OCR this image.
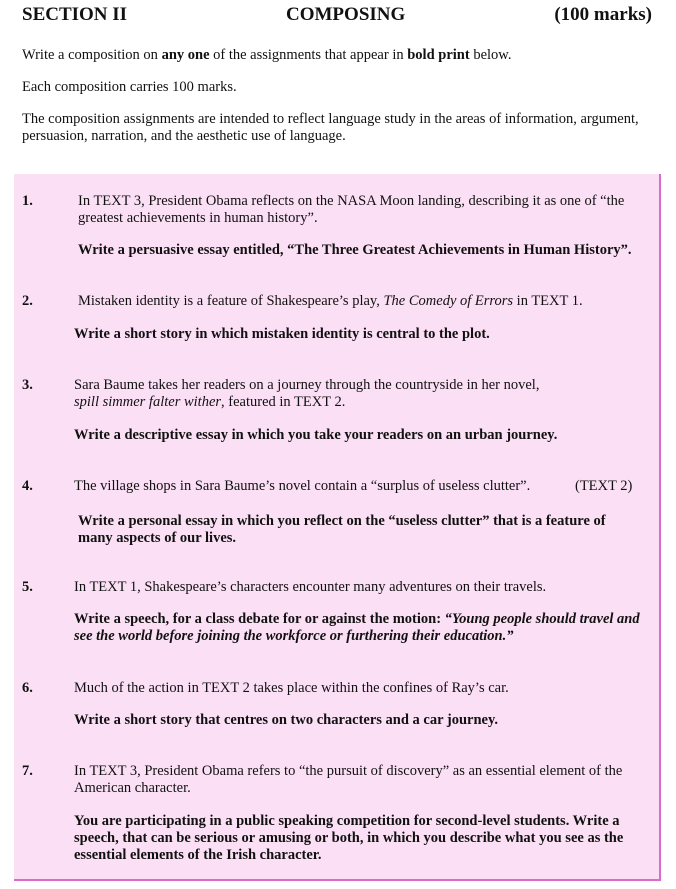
SECTION II	COMPOSING	(100 marks)
Write a composition on any one of the assignments that appear in bold print below.
Each composition carries 100 marks.
The composition assignments are intended to reflect language study in the areas of information, argument, persuasion, narration, and the aesthetic use of language.
1.	In TEXT 3, President Obama reflects on the NASA Moon landing, describing it as one of “the greatest achievements in human history”.
Write a persuasive essay entitled, “The Three Greatest Achievements in Human History”.
2.	Mistaken identity is a feature of Shakespeare’s play, The Comedy of Errors in TEXT 1.
Write a short story in which mistaken identity is central to the plot.
3.	Sara Baume takes her readers on a journey through the countryside in her novel,
spill simmer falter wither, featured in TEXT 2.
Write a descriptive essay in which you take your readers on an urban journey.
4.	The village shops in Sara Baume’s novel contain a “surplus of useless clutter”.	(TEXT 2)
Write a personal essay in which you reflect on the “useless clutter” that is a feature of many aspects of our lives.
5.	In TEXT 1, Shakespeare’s characters encounter many adventures on their travels.
Write a speech, for a class debate for or against the motion: “Young people should travel and see the world before joining the workforce or furthering their education.”
6.	Much of the action in TEXT 2 takes place within the confines of Ray’s car.
Write a short story that centres on two characters and a car journey.
7.	In TEXT 3, President Obama refers to “the pursuit of discovery” as an essential element of the American character.
You are participating in a public speaking competition for second-level students. Write a speech, that can be serious or amusing or both, in which you describe what you see as the essential elements of the Irish character.
